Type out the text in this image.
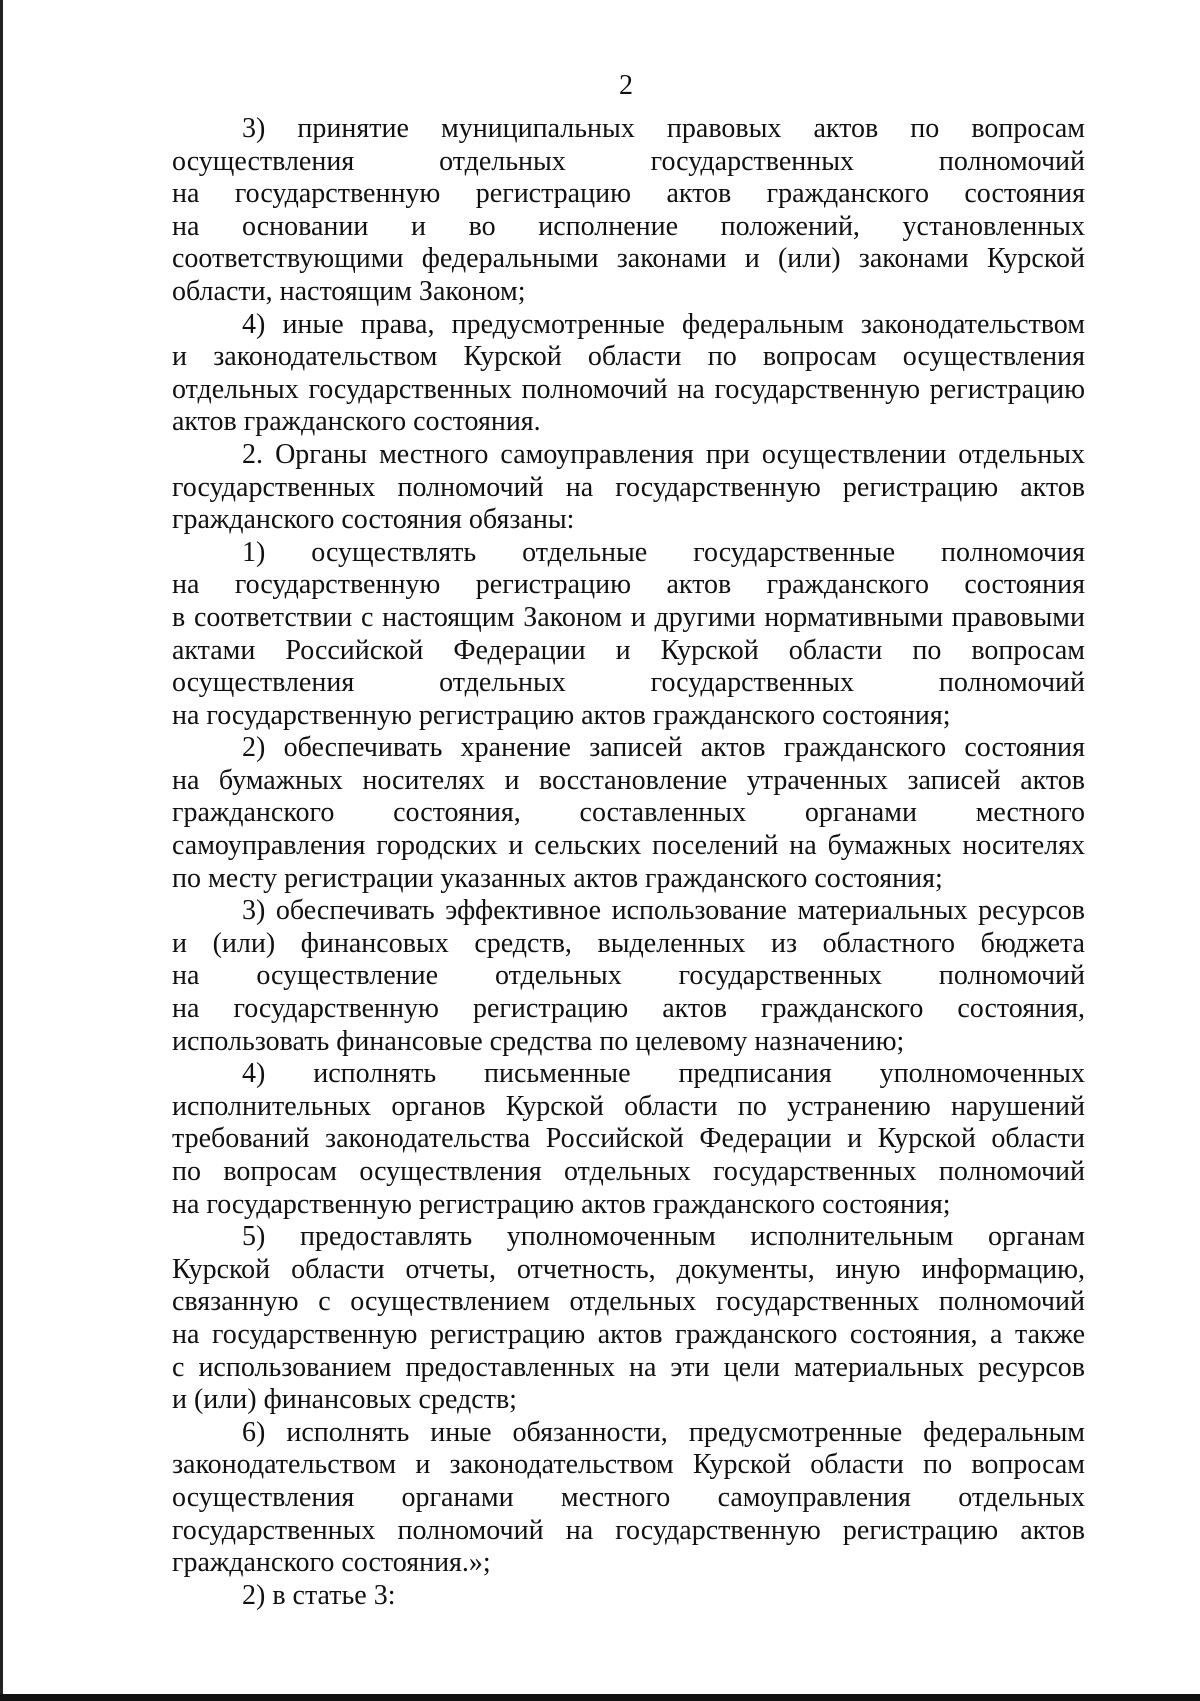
2
3) принятие муниципальных правовых актов по вопросам
осуществления отдельных государственных полномочий
на государственную регистрацию актов гражданского состояния
на основании и во исполнение положений, установленных
соответствующими федеральными законами и (или) законами Курской
области, настоящим Законом;
4) иные права, предусмотренные федеральным законодательством
и законодательством Курской области по вопросам осуществления
отдельных государственных полномочий на государственную регистрацию
актов гражданского состояния.
2. Органы местного самоуправления при осуществлении отдельных
государственных полномочий на государственную регистрацию актов
гражданского состояния обязаны:
1) осуществлять отдельные государственные полномочия
на государственную регистрацию актов гражданского состояния
в соответствии с настоящим Законом и другими нормативными правовыми
актами Российской Федерации и Курской области по вопросам
осуществления отдельных государственных полномочий
на государственную регистрацию актов гражданского состояния;
2) обеспечивать хранение записей актов гражданского состояния
на бумажных носителях и восстановление утраченных записей актов
гражданского состояния, составленных органами местного
самоуправления городских и сельских поселений на бумажных носителях
по месту регистрации указанных актов гражданского состояния;
3) обеспечивать эффективное использование материальных ресурсов
и (или) финансовых средств, выделенных из областного бюджета
на осуществление отдельных государственных полномочий
на государственную регистрацию актов гражданского состояния,
использовать финансовые средства по целевому назначению;
4) исполнять письменные предписания уполномоченных
исполнительных органов Курской области по устранению нарушений
требований законодательства Российской Федерации и Курской области
по вопросам осуществления отдельных государственных полномочий
на государственную регистрацию актов гражданского состояния;
5) предоставлять уполномоченным исполнительным органам
Курской области отчеты, отчетность, документы, иную информацию,
связанную с осуществлением отдельных государственных полномочий
на государственную регистрацию актов гражданского состояния, а также
с использованием предоставленных на эти цели материальных ресурсов
и (или) финансовых средств;
6) исполнять иные обязанности, предусмотренные федеральным
законодательством и законодательством Курской области по вопросам
осуществления органами местного самоуправления отдельных
государственных полномочий на государственную регистрацию актов
гражданского состояния.»;
2) в статье 3:
